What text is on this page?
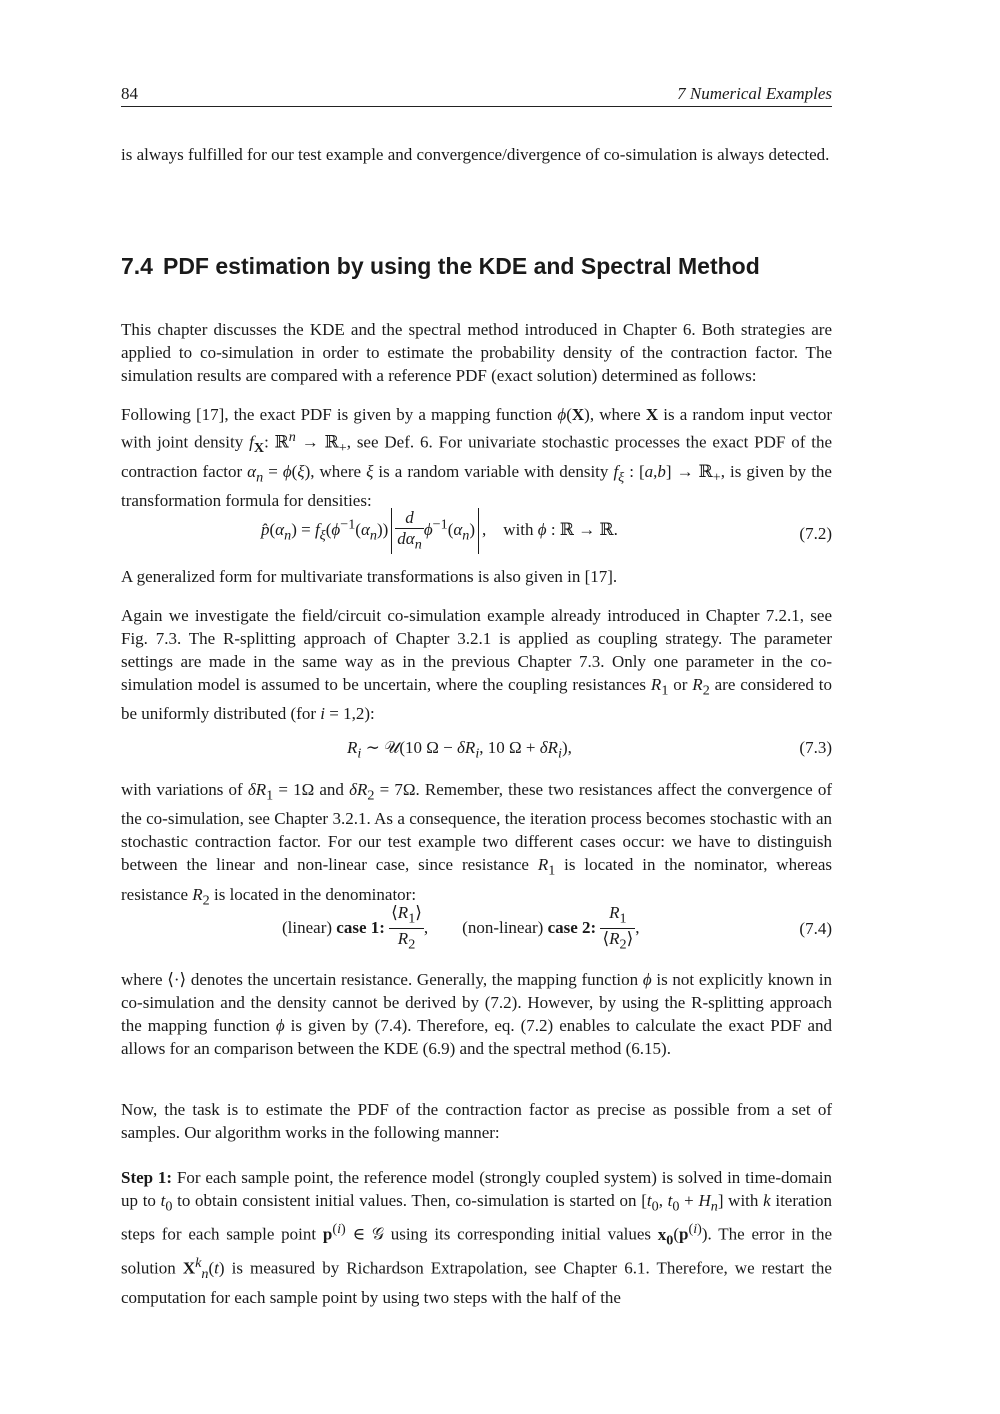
84	7 Numerical Examples

is always fulfilled for our test example and convergence/divergence of co-simulation is always detected.

7.4 PDF estimation by using the KDE and Spectral Method

This chapter discusses the KDE and the spectral method introduced in Chapter 6. Both strategies are applied to co-simulation in order to estimate the probability density of the contraction factor. The simulation results are compared with a reference PDF (exact solution) determined as follows:

Following [17], the exact PDF is given by a mapping function ϕ(X), where X is a random input vector with joint density $f_X$: ℝ$^n$ → ℝ$_+$, see Def. 6. For univariate stochastic processes the exact PDF of the contraction factor $\alpha_n = \phi(\xi)$, where ξ is a random variable with density $f_\xi$ : [a,b] → ℝ$_+$, is given by the transformation formula for densities:

$p̂(\alpha_n) = f_\xi(\phi^{-1}(\alpha_n)) \frac{d}{d\alpha_n} \phi^{-1}(\alpha_n)$ ,    with ϕ : ℝ → ℝ.	(7.2)

A generalized form for multivariate transformations is also given in [17].

Again we investigate the field/circuit co-simulation example already introduced in Chapter 7.2.1, see Fig. 7.3. The R-splitting approach of Chapter 3.2.1 is applied as coupling strategy. The parameter settings are made in the same way as in the previous Chapter 7.3. Only one parameter in the co-simulation model is assumed to be uncertain, where the coupling resistances $R_1$ or $R_2$ are considered to be uniformly distributed (for i = 1,2):

$R_i$ ∼ 𝒰(10 $\Omega - \delta R_i$, 10 $\Omega + \delta R_i$),	(7.3)

with variations of $\delta R_1 = 1\Omega$ and $\delta R_2 = 7\Omega$. Remember, these two resistances affect the convergence of the co-simulation, see Chapter 3.2.1. As a consequence, the iteration process becomes stochastic with an stochastic contraction factor. For our test example two different cases occur: we have to distinguish between the linear and non-linear case, since resistance $R_1$ is located in the nominator, whereas resistance $R_2$ is located in the denominator:

(linear) case 1: $\frac{⟨R_1⟩}{R_2}$ ,        (non-linear) case 2: $\frac{R_1}{⟨R_2⟩}$ ,	(7.4)

where ⟨·⟩ denotes the uncertain resistance. Generally, the mapping function ϕ is not explicitly known in co-simulation and the density cannot be derived by (7.2). However, by using the R-splitting approach the mapping function ϕ is given by (7.4). Therefore, eq. (7.2) enables to calculate the exact PDF and allows for an comparison between the KDE (6.9) and the spectral method (6.15).

Now, the task is to estimate the PDF of the contraction factor as precise as possible from a set of samples. Our algorithm works in the following manner:

Step 1: For each sample point, the reference model (strongly coupled system) is solved in time-domain up to $t_0$ to obtain consistent initial values. Then, co-simulation is started on [$t_0$, $t_0 + H_n$] with k iteration steps for each sample point $p^{(i)}$ ∈ 𝒢 using its corresponding initial values $x_0(p^{(i)})$. The error in the solution $X^k_n(t)$ is measured by Richardson Extrapolation, see Chapter 6.1. Therefore, we restart the computation for each sample point by using two steps with the half of the
